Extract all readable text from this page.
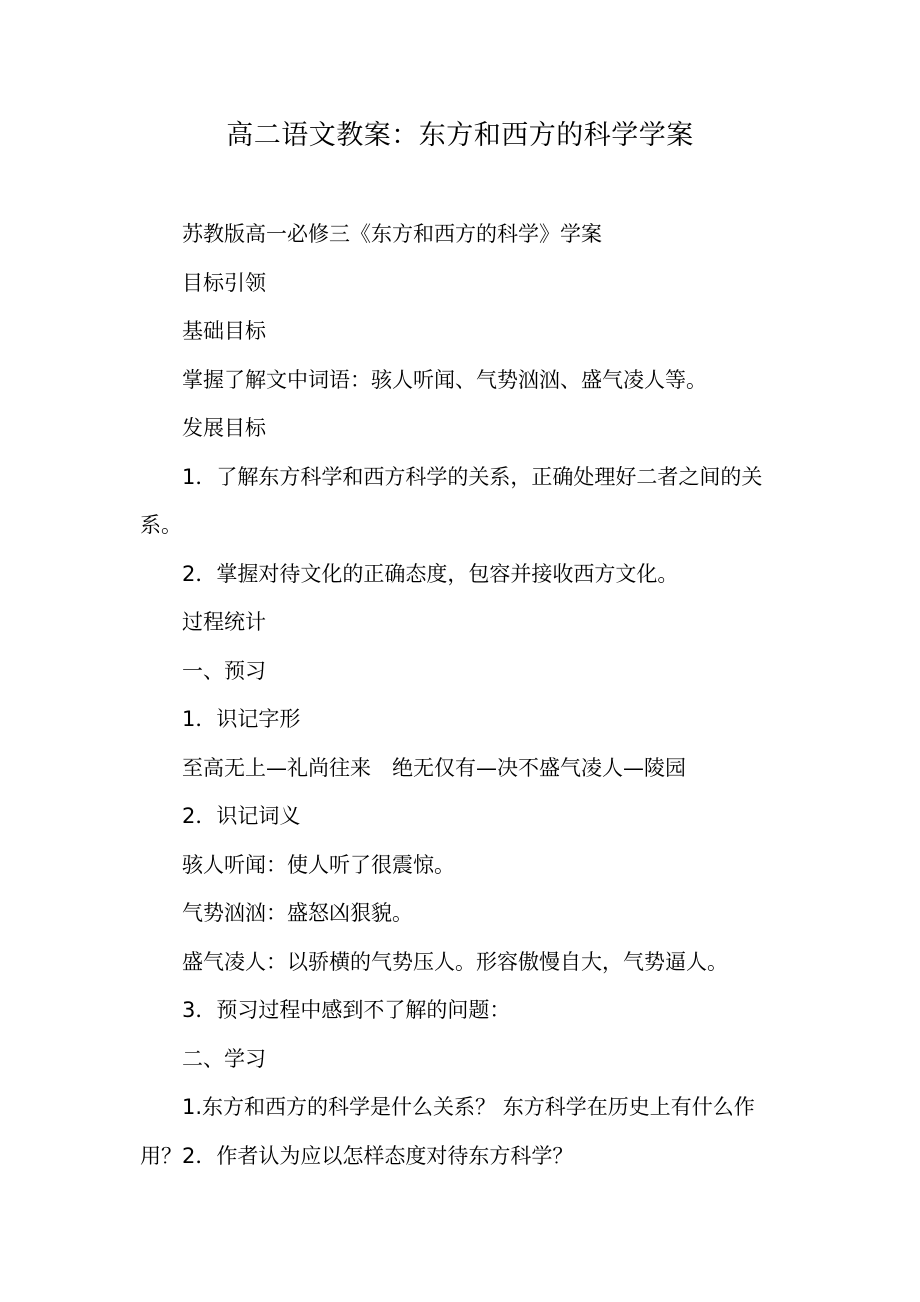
高二语文教案：东方和西方的科学学案

苏教版高一必修三《东方和西方的科学》学案

目标引领

基础目标

掌握了解文中词语：骇人听闻、气势汹汹、盛气凌人等。

发展目标

1．了解东方科学和西方科学的关系，正确处理好二者之间的关系。

2．掌握对待文化的正确态度，包容并接收西方文化。

过程统计

一、预习

1．识记字形

至高无上—礼尚往来　绝无仅有—决不盛气凌人—陵园

2．识记词义

骇人听闻：使人听了很震惊。

气势汹汹：盛怒凶狠貌。

盛气凌人：以骄横的气势压人。形容傲慢自大，气势逼人。

3．预习过程中感到不了解的问题：

二、学习

1.东方和西方的科学是什么关系？ 东方科学在历史上有什么作用？2．作者认为应以怎样态度对待东方科学？
